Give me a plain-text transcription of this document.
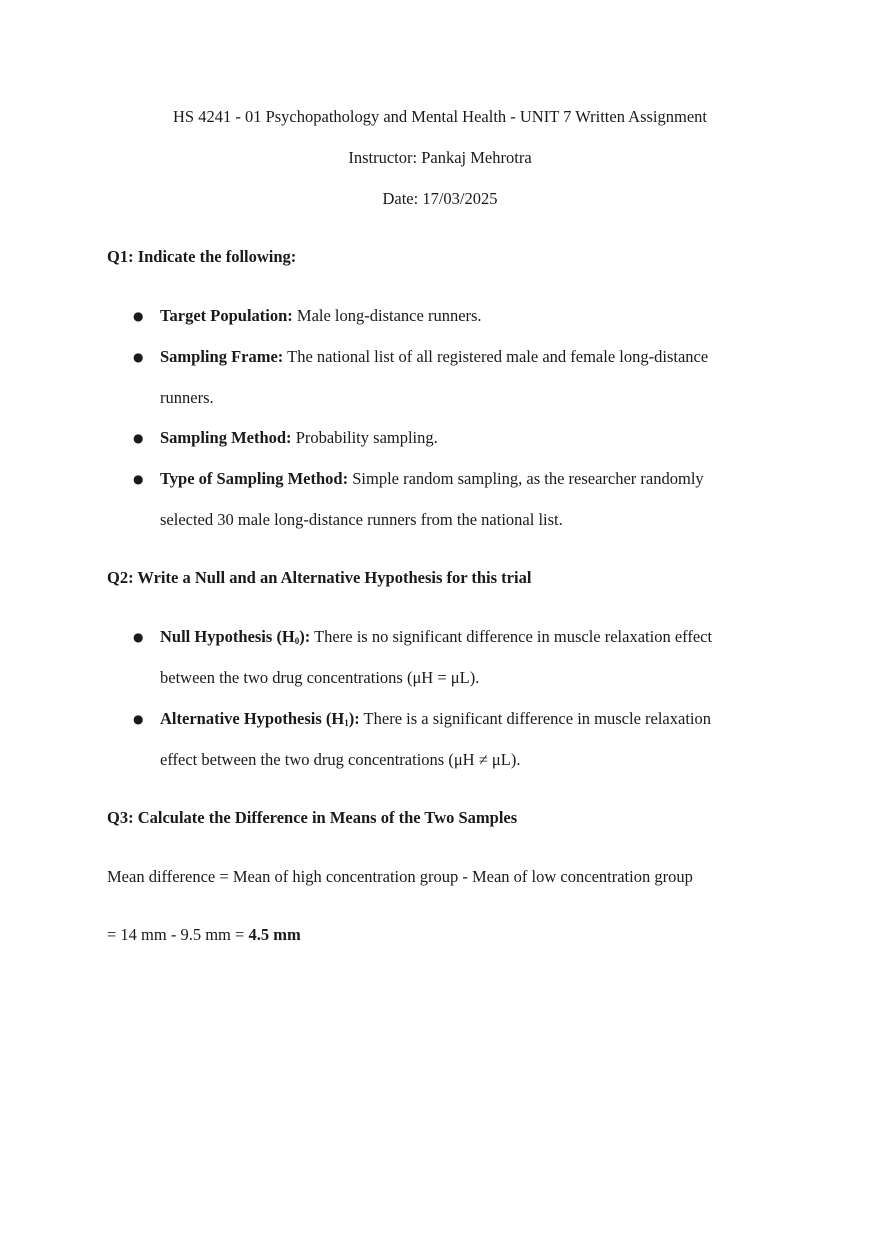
HS 4241 - 01 Psychopathology and Mental Health - UNIT 7 Written Assignment
Instructor: Pankaj Mehrotra
Date: 17/03/2025
Q1: Indicate the following:
● Target Population: Male long-distance runners.
● Sampling Frame: The national list of all registered male and female long-distance
runners.
● Sampling Method: Probability sampling.
● Type of Sampling Method: Simple random sampling, as the researcher randomly
selected 30 male long-distance runners from the national list.
Q2: Write a Null and an Alternative Hypothesis for this trial
● Null Hypothesis $(H_0)$: There is no significant difference in muscle relaxation effect
between the two drug concentrations (μH = μL).
● Alternative Hypothesis $(H_1)$: There is a significant difference in muscle relaxation
effect between the two drug concentrations (μH ≠ μL).
Q3: Calculate the Difference in Means of the Two Samples
Mean difference = Mean of high concentration group - Mean of low concentration group
= 14 mm - 9.5 mm = 4.5 mm
